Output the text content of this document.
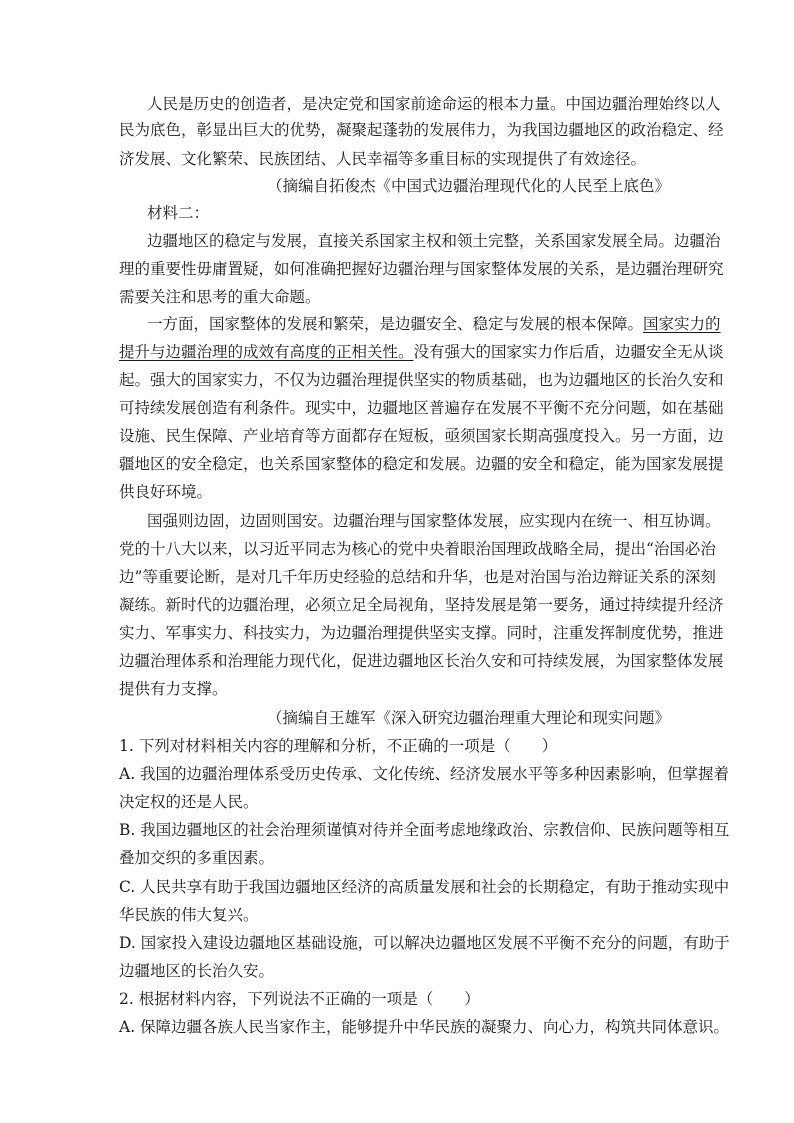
人民是历史的创造者，是决定党和国家前途命运的根本力量。中国边疆治理始终以人
民为底色，彰显出巨大的优势，凝聚起蓬勃的发展伟力，为我国边疆地区的政治稳定、经
济发展、文化繁荣、民族团结、人民幸福等多重目标的实现提供了有效途径。
（摘编自拓俊杰《中国式边疆治理现代化的人民至上底色》
材料二：
边疆地区的稳定与发展，直接关系国家主权和领土完整，关系国家发展全局。边疆治
理的重要性毋庸置疑，如何准确把握好边疆治理与国家整体发展的关系，是边疆治理研究
需要关注和思考的重大命题。
一方面，国家整体的发展和繁荣，是边疆安全、稳定与发展的根本保障。国家实力的
提升与边疆治理的成效有高度的正相关性。没有强大的国家实力作后盾，边疆安全无从谈
起。强大的国家实力，不仅为边疆治理提供坚实的物质基础，也为边疆地区的长治久安和
可持续发展创造有利条件。现实中，边疆地区普遍存在发展不平衡不充分问题，如在基础
设施、民生保障、产业培育等方面都存在短板，亟须国家长期高强度投入。另一方面，边
疆地区的安全稳定，也关系国家整体的稳定和发展。边疆的安全和稳定，能为国家发展提
供良好环境。
国强则边固，边固则国安。边疆治理与国家整体发展，应实现内在统一、相互协调。
党的十八大以来，以习近平同志为核心的党中央着眼治国理政战略全局，提出“治国必治
边”等重要论断，是对几千年历史经验的总结和升华，也是对治国与治边辩证关系的深刻
凝练。新时代的边疆治理，必须立足全局视角，坚持发展是第一要务，通过持续提升经济
实力、军事实力、科技实力，为边疆治理提供坚实支撑。同时，注重发挥制度优势，推进
边疆治理体系和治理能力现代化，促进边疆地区长治久安和可持续发展，为国家整体发展
提供有力支撑。
（摘编自王雄军《深入研究边疆治理重大理论和现实问题》
1. 下列对材料相关内容的理解和分析，不正确的一项是（　　）
A. 我国的边疆治理体系受历史传承、文化传统、经济发展水平等多种因素影响，但掌握着
决定权的还是人民。
B. 我国边疆地区的社会治理须谨慎对待并全面考虑地缘政治、宗教信仰、民族问题等相互
叠加交织的多重因素。
C. 人民共享有助于我国边疆地区经济的高质量发展和社会的长期稳定，有助于推动实现中
华民族的伟大复兴。
D. 国家投入建设边疆地区基础设施，可以解决边疆地区发展不平衡不充分的问题，有助于
边疆地区的长治久安。
2. 根据材料内容，下列说法不正确的一项是（　　）
A. 保障边疆各族人民当家作主，能够提升中华民族的凝聚力、向心力，构筑共同体意识。
